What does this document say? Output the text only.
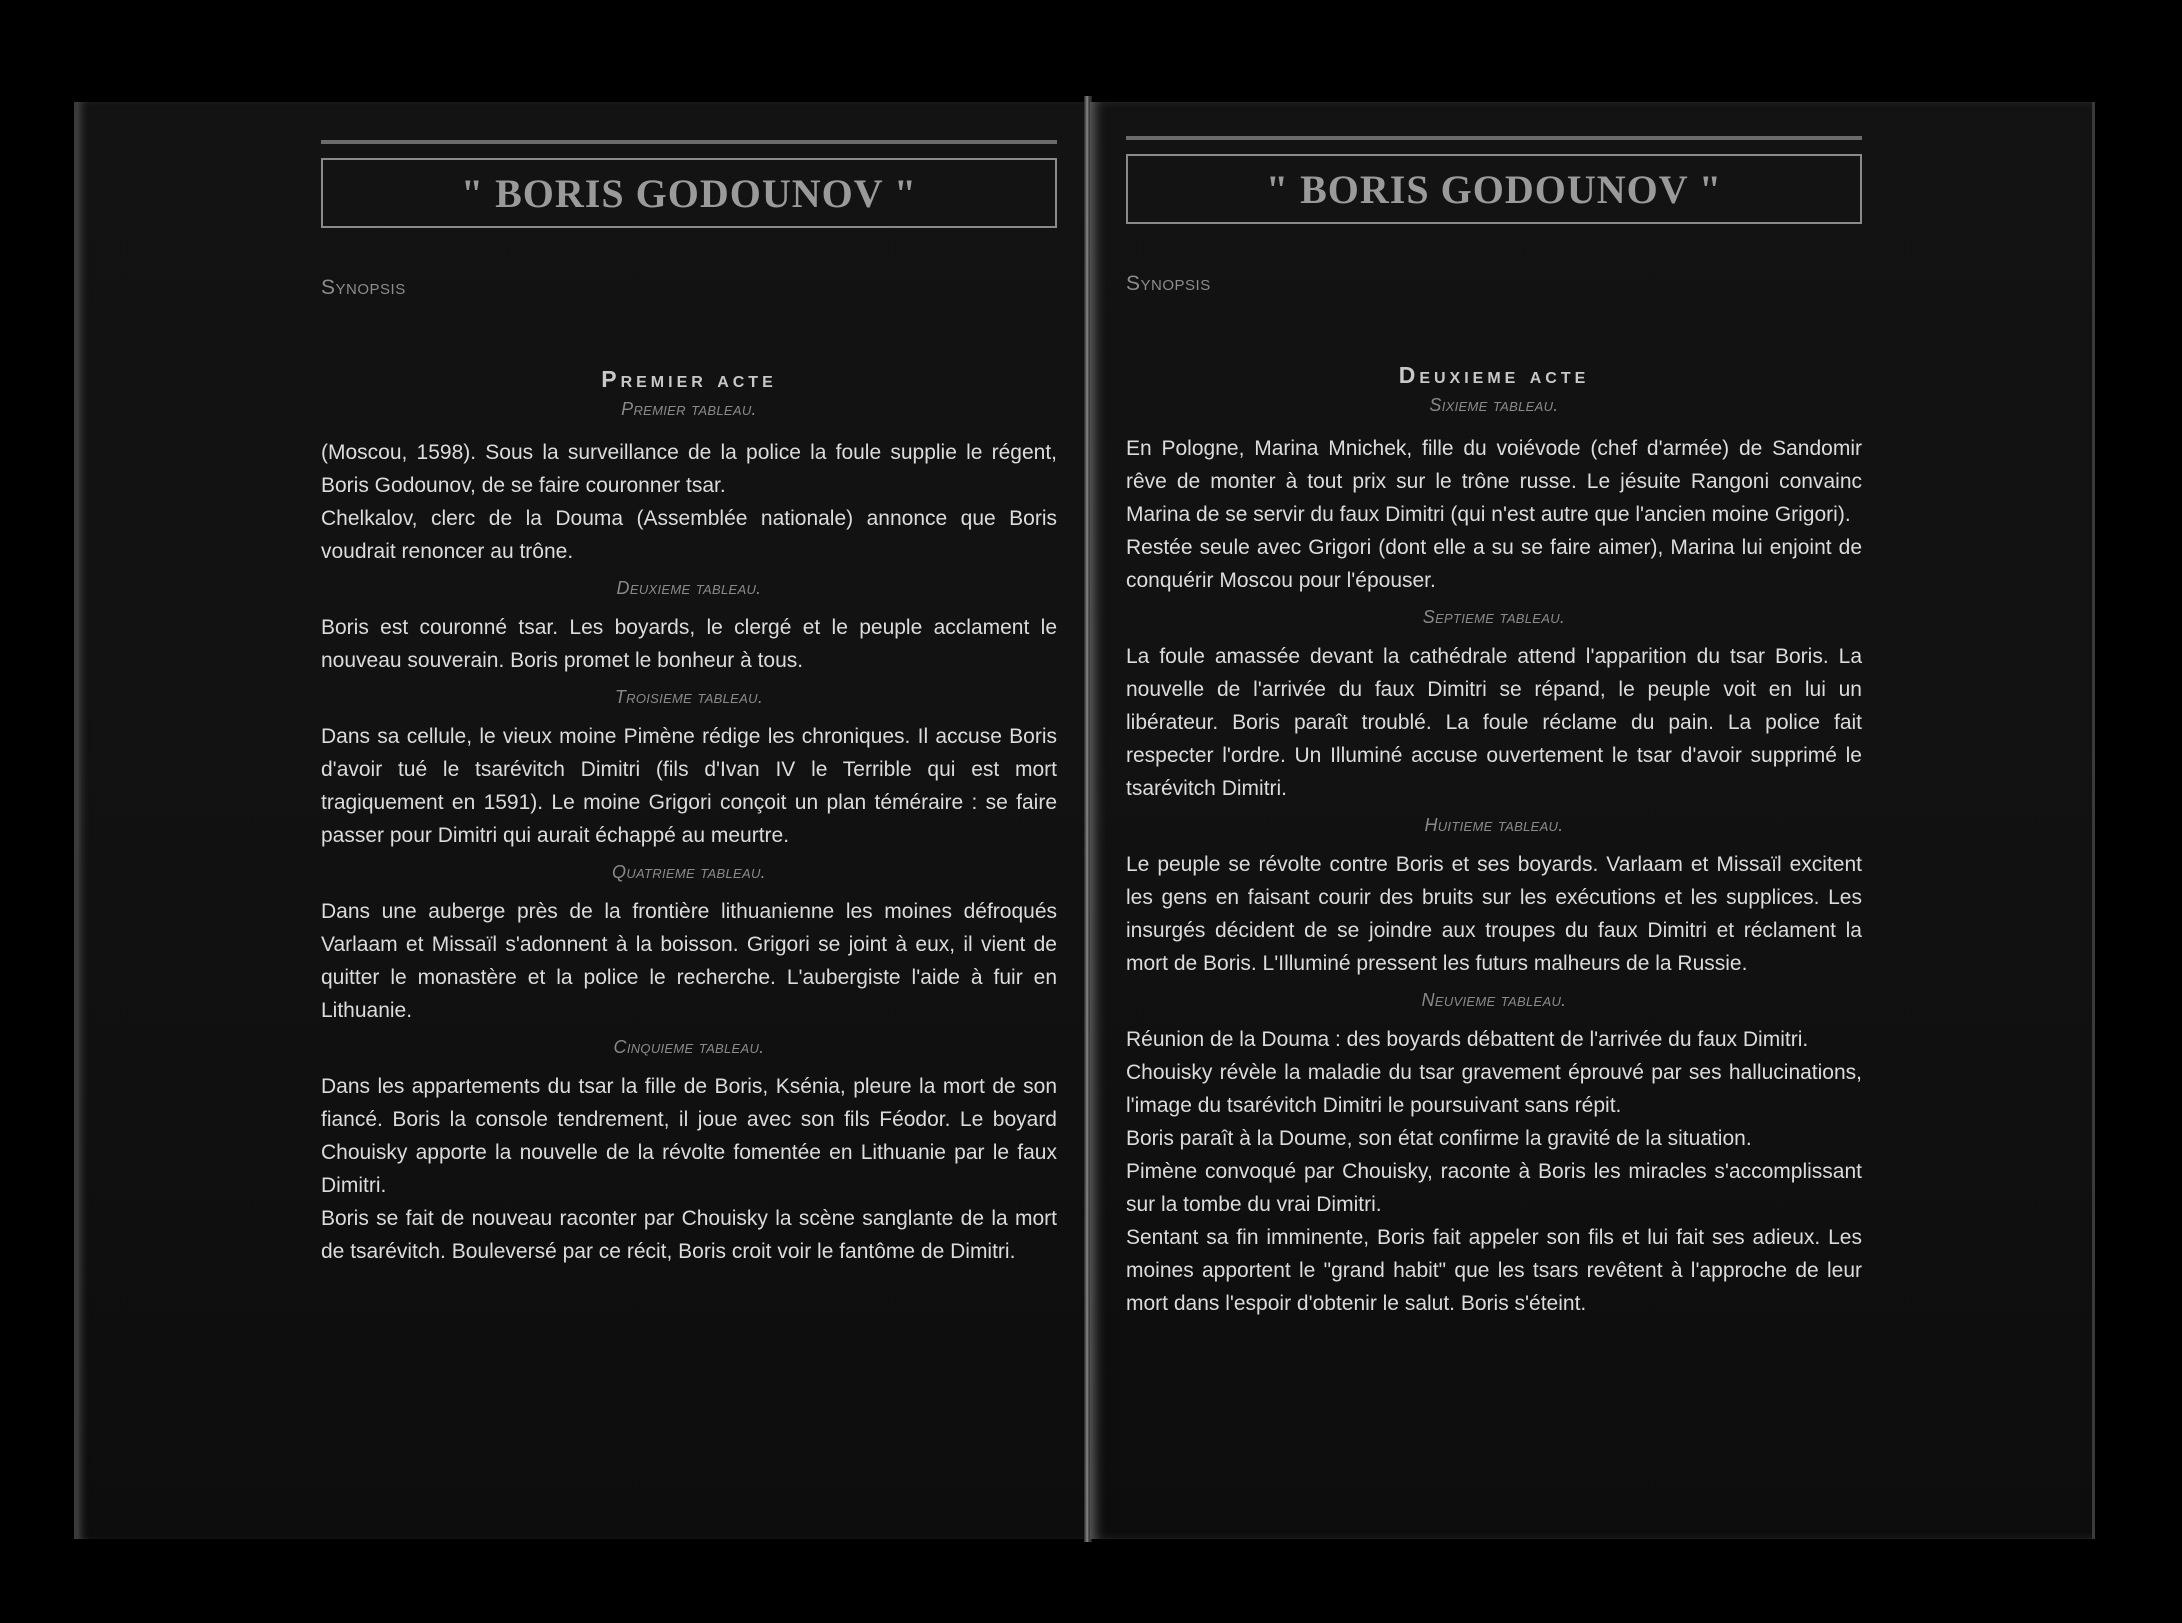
" BORIS GODOUNOV "
Synopsis
Premier acte
Premier tableau.

(Moscou, 1598). Sous la surveillance de la police la foule supplie le régent, Boris Godounov, de se faire couronner tsar.
Chelkalov, clerc de la Douma (Assemblée nationale) annonce que Boris voudrait renoncer au trône.

Deuxieme tableau.

Boris est couronné tsar. Les boyards, le clergé et le peuple acclament le nouveau souverain. Boris promet le bonheur à tous.

Troisieme tableau.

Dans sa cellule, le vieux moine Pimène rédige les chroniques. Il accuse Boris d'avoir tué le tsarévitch Dimitri (fils d'Ivan IV le Terrible qui est mort tragiquement en 1591). Le moine Grigori conçoit un plan téméraire : se faire passer pour Dimitri qui aurait échappé au meurtre.

Quatrieme tableau.

Dans une auberge près de la frontière lithuanienne les moines défroqués Varlaam et Missaïl s'adonnent à la boisson. Grigori se joint à eux, il vient de quitter le monastère et la police le recherche. L'aubergiste l'aide à fuir en Lithuanie.

Cinquieme tableau.

Dans les appartements du tsar la fille de Boris, Ksénia, pleure la mort de son fiancé. Boris la console tendrement, il joue avec son fils Féodor. Le boyard Chouisky apporte la nouvelle de la révolte fomentée en Lithuanie par le faux Dimitri.
Boris se fait de nouveau raconter par Chouisky la scène sanglante de la mort de tsarévitch. Bouleversé par ce récit, Boris croit voir le fantôme de Dimitri.

" BORIS GODOUNOV "
Synopsis
Deuxieme acte
Sixieme tableau.

En Pologne, Marina Mnichek, fille du voiévode (chef d'armée) de Sandomir rêve de monter à tout prix sur le trône russe. Le jésuite Rangoni convainc Marina de se servir du faux Dimitri (qui n'est autre que l'ancien moine Grigori).
Restée seule avec Grigori (dont elle a su se faire aimer), Marina lui enjoint de conquérir Moscou pour l'épouser.

Septieme tableau.

La foule amassée devant la cathédrale attend l'apparition du tsar Boris. La nouvelle de l'arrivée du faux Dimitri se répand, le peuple voit en lui un libérateur. Boris paraît troublé. La foule réclame du pain. La police fait respecter l'ordre. Un Illuminé accuse ouvertement le tsar d'avoir supprimé le tsarévitch Dimitri.

Huitieme tableau.

Le peuple se révolte contre Boris et ses boyards. Varlaam et Missaïl excitent les gens en faisant courir des bruits sur les exécutions et les supplices. Les insurgés décident de se joindre aux troupes du faux Dimitri et réclament la mort de Boris. L'Illuminé pressent les futurs malheurs de la Russie.

Neuvieme tableau.

Réunion de la Douma : des boyards débattent de l'arrivée du faux Dimitri.
Chouisky révèle la maladie du tsar gravement éprouvé par ses hallucinations, l'image du tsarévitch Dimitri le poursuivant sans répit.
Boris paraît à la Doume, son état confirme la gravité de la situation.
Pimène convoqué par Chouisky, raconte à Boris les miracles s'accomplissant sur la tombe du vrai Dimitri.
Sentant sa fin imminente, Boris fait appeler son fils et lui fait ses adieux. Les moines apportent le "grand habit" que les tsars revêtent à l'approche de leur mort dans l'espoir d'obtenir le salut. Boris s'éteint.
